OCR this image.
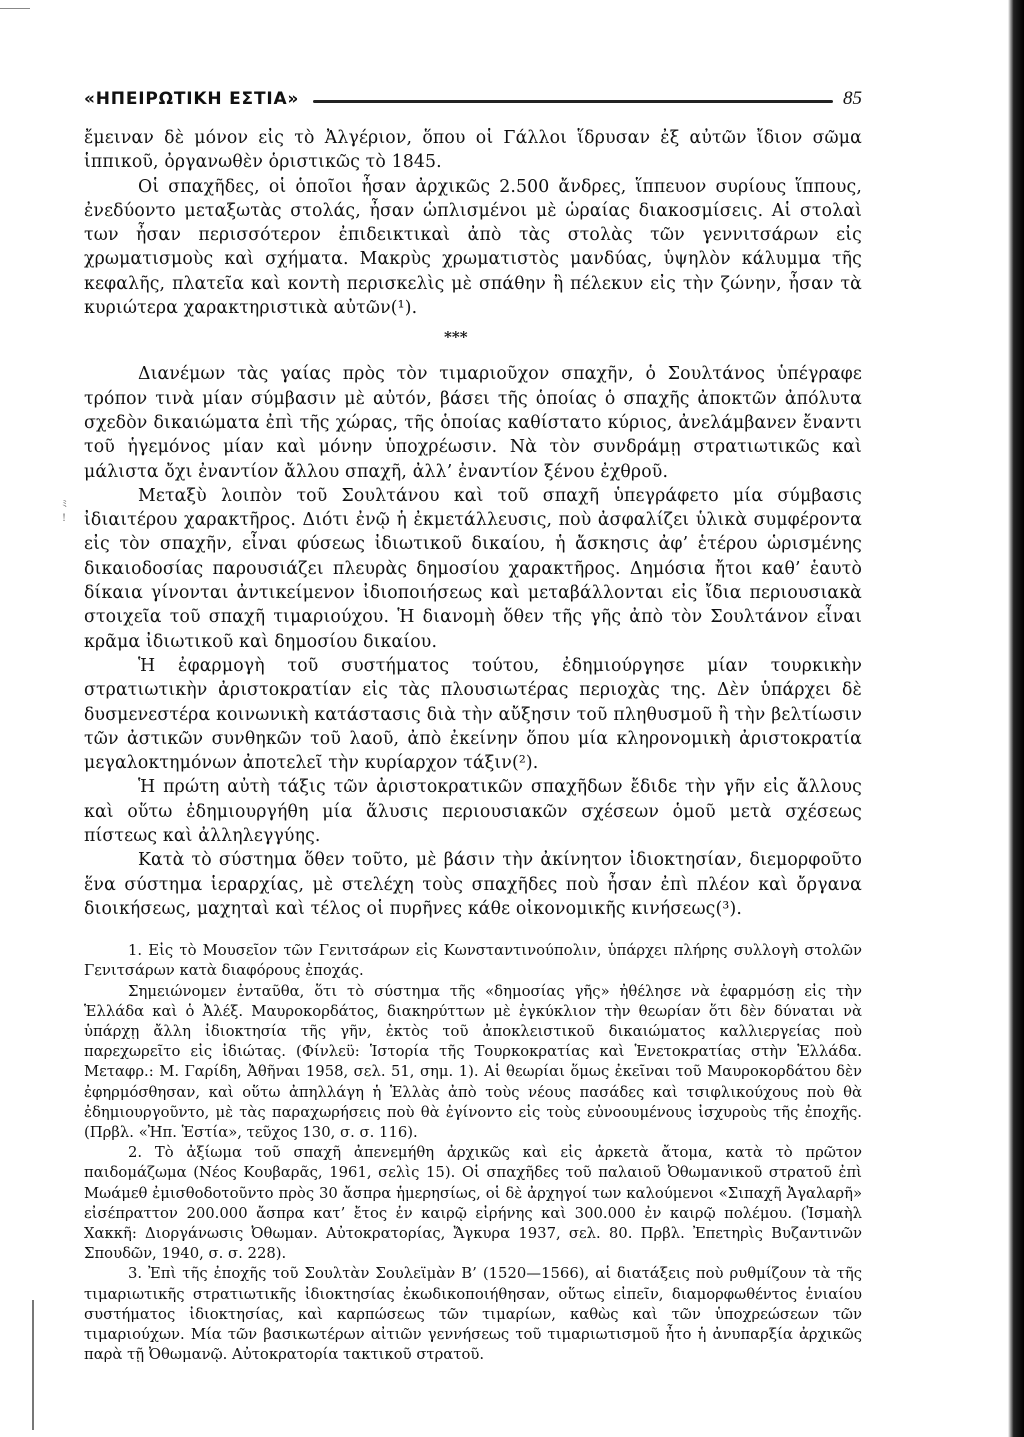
ﾐ
!
«ΗΠΕΙΡΩΤΙΚΗ ΕΣΤΙΑ»	85

ἔμειναν δὲ μόνον εἰς τὸ Ἀλγέριον, ὅπου οἱ Γάλλοι ἵδρυσαν ἐξ αὐτῶν ἴδιον σῶμα ἱππικοῦ, ὀργανωθὲν ὁριστικῶς τὸ 1845.

Οἱ σπαχῆδες, οἱ ὁποῖοι ἦσαν ἀρχικῶς 2.500 ἄνδρες, ἵππευον συρίους ἵππους, ἐνεδύοντο μεταξωτὰς στολάς, ἦσαν ὡπλισμένοι μὲ ὡραίας διακοσμίσεις. Αἱ στολαὶ των ἦσαν περισσότερον ἐπιδεικτικαὶ ἀπὸ τὰς στολὰς τῶν γεννιτσάρων εἰς χρωματισμοὺς καὶ σχήματα. Μακρὺς χρωματιστὸς μανδύας, ὑψηλὸν κάλυμμα τῆς κεφαλῆς, πλατεῖα καὶ κοντὴ περισκελὶς μὲ σπάθην ἢ πέλεκυν εἰς τὴν ζώνην, ἦσαν τὰ κυριώτερα χαρακτηριστικὰ αὐτῶν(¹).

***

Διανέμων τὰς γαίας πρὸς τὸν τιμαριοῦχον σπαχῆν, ὁ Σουλτάνος ὑπέγραφε τρόπον τινὰ μίαν σύμβασιν μὲ αὐτόν, βάσει τῆς ὁποίας ὁ σπαχῆς ἀποκτῶν ἀπόλυτα σχεδὸν δικαιώματα ἐπὶ τῆς χώρας, τῆς ὁποίας καθίστατο κύριος, ἀνελάμβανεν ἔναντι τοῦ ἡγεμόνος μίαν καὶ μόνην ὑποχρέωσιν. Νὰ τὸν συνδράμῃ στρατιωτικῶς καὶ μάλιστα ὄχι ἐναντίον ἄλλου σπαχῆ, ἀλλ’ ἐναντίον ξένου ἐχθροῦ.

Μεταξὺ λοιπὸν τοῦ Σουλτάνου καὶ τοῦ σπαχῆ ὑπεγράφετο μία σύμβασις ἰδιαιτέρου χαρακτῆρος. Διότι ἐνῷ ἡ ἐκμετάλλευσις, ποὺ ἀσφαλίζει ὑλικὰ συμφέροντα εἰς τὸν σπαχῆν, εἶναι φύσεως ἰδιωτικοῦ δικαίου, ἡ ἄσκησις ἀφ’ ἑτέρου ὡρισμένης δικαιοδοσίας παρουσιάζει πλευρὰς δημοσίου χαρακτῆρος. Δημόσια ἤτοι καθ’ ἑαυτὸ δίκαια γίνονται ἀντικείμενον ἰδιοποιήσεως καὶ μεταβάλλονται εἰς ἴδια περιουσιακὰ στοιχεῖα τοῦ σπαχῆ τιμαριούχου. Ἡ διανομὴ ὅθεν τῆς γῆς ἀπὸ τὸν Σουλτάνον εἶναι κρᾶμα ἰδιωτικοῦ καὶ δημοσίου δικαίου.

Ἡ ἐφαρμογὴ τοῦ συστήματος τούτου, ἐδημιούργησε μίαν τουρκικὴν στρατιωτικὴν ἀριστοκρατίαν εἰς τὰς πλουσιωτέρας περιοχὰς της. Δὲν ὑπάρχει δὲ δυσμενεστέρα κοινωνικὴ κατάστασις διὰ τὴν αὔξησιν τοῦ πληθυσμοῦ ἢ τὴν βελτίωσιν τῶν ἀστικῶν συνθηκῶν τοῦ λαοῦ, ἀπὸ ἐκείνην ὅπου μία κληρονομικὴ ἀριστοκρατία μεγαλοκτημόνων ἀποτελεῖ τὴν κυρίαρχον τάξιν(²).

Ἡ πρώτη αὐτὴ τάξις τῶν ἀριστοκρατικῶν σπαχῆδων ἔδιδε τὴν γῆν εἰς ἄλλους καὶ οὕτω ἐδημιουργήθη μία ἅλυσις περιουσιακῶν σχέσεων ὁμοῦ μετὰ σχέσεως πίστεως καὶ ἀλληλεγγύης.

Κατὰ τὸ σύστημα ὅθεν τοῦτο, μὲ βάσιν τὴν ἀκίνητον ἰδιοκτησίαν, διεμορφοῦτο ἕνα σύστημα ἱεραρχίας, μὲ στελέχη τοὺς σπαχῆδες ποὺ ἦσαν ἐπὶ πλέον καὶ ὄργανα διοικήσεως, μαχηταὶ καὶ τέλος οἱ πυρῆνες κάθε οἰκονομικῆς κινήσεως(³).

1. Εἰς τὸ Μουσεῖον τῶν Γενιτσάρων εἰς Κωνσταντινούπολιν, ὑπάρχει πλήρης συλλογὴ στολῶν Γενιτσάρων κατὰ διαφόρους ἐποχάς.

Σημειώνομεν ἐνταῦθα, ὅτι τὸ σύστημα τῆς «δημοσίας γῆς» ἠθέλησε νὰ ἐφαρμόσῃ εἰς τὴν Ἑλλάδα καὶ ὁ Ἀλέξ. Μαυροκορδάτος, διακηρύττων μὲ ἐγκύκλιον τὴν θεωρίαν ὅτι δὲν δύναται νὰ ὑπάρχῃ ἄλλη ἰδιοκτησία τῆς γῆν, ἐκτὸς τοῦ ἀποκλειστικοῦ δικαιώματος καλλιεργείας ποὺ παρεχωρεῖτο εἰς ἰδιώτας. (Φίνλεϋ: Ἱστορία τῆς Τουρκοκρατίας καὶ Ἑνετοκρατίας στὴν Ἑλλάδα. Μεταφρ.: Μ. Γαρίδη, Ἀθῆναι 1958, σελ. 51, σημ. 1). Αἱ θεωρίαι ὅμως ἐκεῖναι τοῦ Μαυροκορδάτου δὲν ἐφηρμόσθησαν, καὶ οὕτω ἀπηλλάγη ἡ Ἑλλὰς ἀπὸ τοὺς νέους πασάδες καὶ τσιφλικούχους ποὺ θὰ ἐδημιουργοῦντο, μὲ τὰς παραχωρήσεις ποὺ θὰ ἐγίνοντο εἰς τοὺς εὐνοουμένους ἰσχυροὺς τῆς ἐποχῆς. (Πρβλ. «Ἠπ. Ἑστία», τεῦχος 130, σ. σ. 116).

2. Τὸ ἀξίωμα τοῦ σπαχῆ ἀπενεμήθη ἀρχικῶς καὶ εἰς ἀρκετὰ ἄτομα, κατὰ τὸ πρῶτον παιδομάζωμα (Νέος Κουβαρᾶς, 1961, σελὶς 15). Οἱ σπαχῆδες τοῦ παλαιοῦ Ὀθωμανικοῦ στρατοῦ ἐπὶ Μωάμεθ ἐμισθοδοτοῦντο πρὸς 30 ἄσπρα ἡμερησίως, οἱ δὲ ἀρχηγοί των καλούμενοι «Σιπαχῆ Ἀγαλαρῆ» εἰσέπραττον 200.000 ἄσπρα κατ’ ἔτος ἐν καιρῷ εἰρήνης καὶ 300.000 ἐν καιρῷ πολέμου. (Ἰσμαὴλ Χακκῆ: Διοργάνωσις Ὀθωμαν. Αὐτοκρατορίας, Ἄγκυρα 1937, σελ. 80. Πρβλ. Ἐπετηρὶς Βυζαντινῶν Σπουδῶν, 1940, σ. σ. 228).

3. Ἐπὶ τῆς ἐποχῆς τοῦ Σουλτὰν Σουλεϊμὰν Β’ (1520—1566), αἱ διατάξεις ποὺ ρυθμίζουν τὰ τῆς τιμαριωτικῆς στρατιωτικῆς ἰδιοκτησίας ἐκωδικοποιήθησαν, οὕτως εἰπεῖν, διαμορφωθέντος ἑνιαίου συστήματος ἰδιοκτησίας, καὶ καρπώσεως τῶν τιμαρίων, καθὼς καὶ τῶν ὑποχρεώσεων τῶν τιμαριούχων. Μία τῶν βασικωτέρων αἰτιῶν γεννήσεως τοῦ τιμαριωτισμοῦ ἦτο ἡ ἀνυπαρξία ἀρχικῶς παρὰ τῇ Ὀθωμανῷ. Αὐτοκρατορία τακτικοῦ στρατοῦ.
